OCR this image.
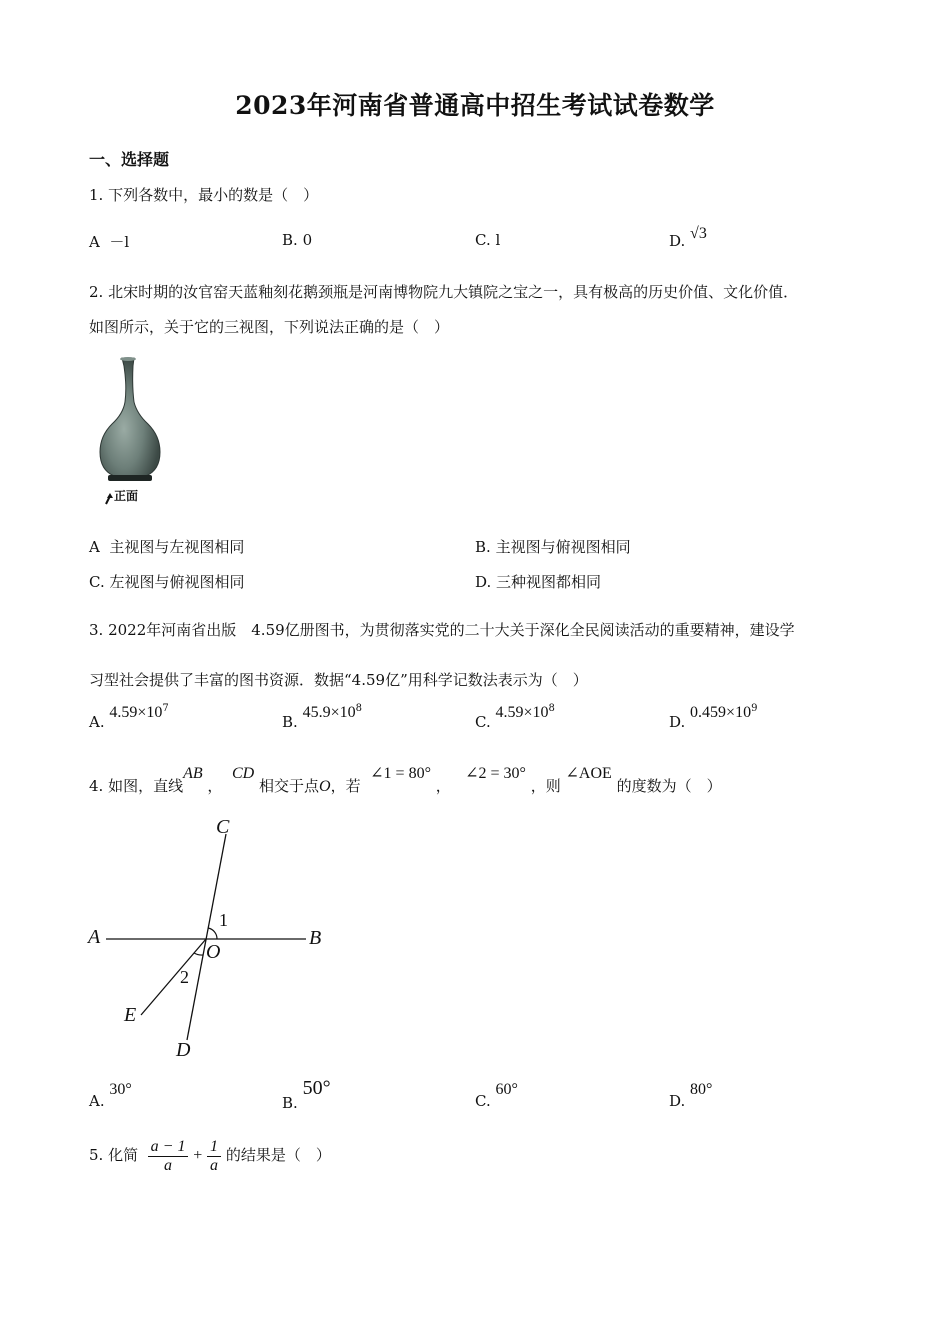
2023年河南省普通高中招生考试试卷数学
一、选择题
1. 下列各数中，最小的数是（　）
A －l	B. 0	C. l	D. √3
2. 北宋时期的汝官窑天蓝釉刻花鹅颈瓶是河南博物院九大镇院之宝之一，具有极高的历史价值、文化价值．
如图所示，关于它的三视图，下列说法正确的是（　）
正面
A 主视图与左视图相同	B. 主视图与俯视图相同
C. 左视图与俯视图相同	D. 三种视图都相同
3. 2022年河南省出版　4.59亿册图书，为贯彻落实党的二十大关于深化全民阅读活动的重要精神，建设学
习型社会提供了丰富的图书资源．数据“4.59亿”用科学记数法表示为（　）
A. $4.59\times 10^7$
B. $45.9\times 10^8$
C. $4.59\times 10^8$
D. $0.459\times 10^9$
4. 如图，直线AB ，  CD 相交于点O，若  ∠1 = 80° ，   ∠2 = 30° ，则 ∠AOE 的度数为（　）
C
A	B
O
1
2
E
D
A. 30°
B. 50°
C. 60°
D. 80°
5. 化简 $\frac{a - 1}{a} + \frac{1}{a}$ 的结果是（　）
